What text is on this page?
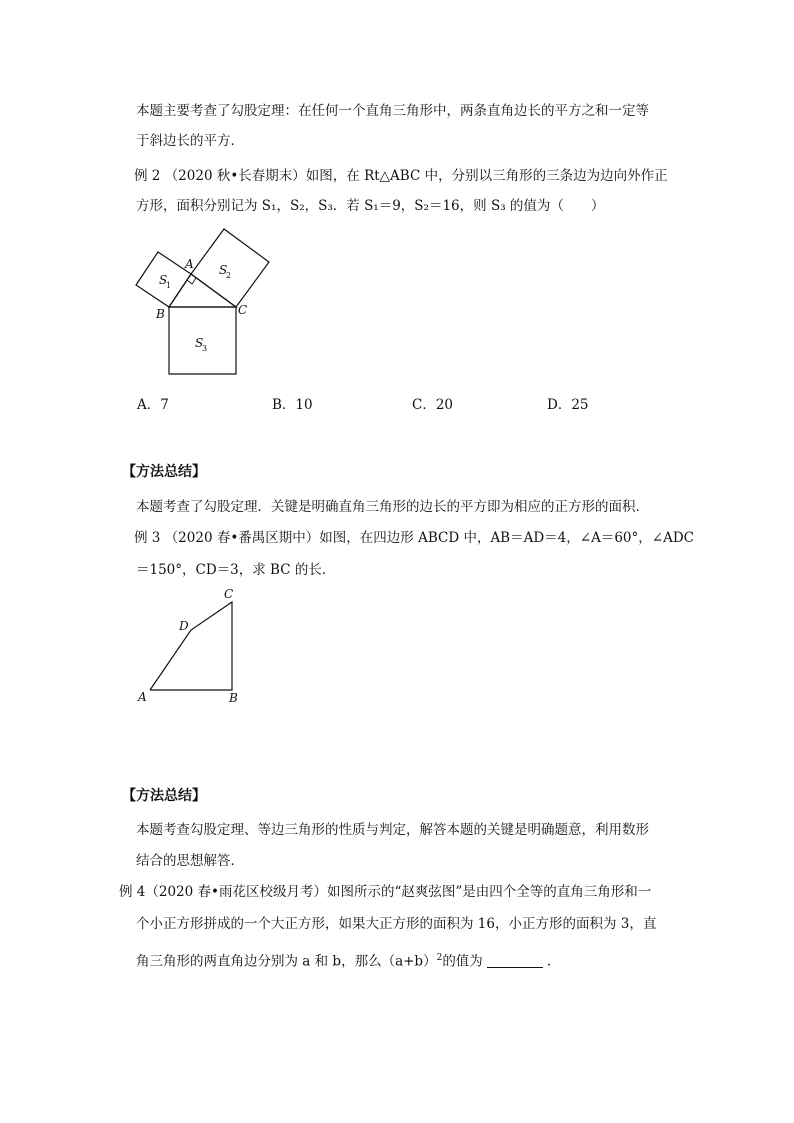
本题主要考查了勾股定理：在任何一个直角三角形中，两条直角边长的平方之和一定等
于斜边长的平方．
例 2 （2020 秋•长春期末）如图，在 Rt△ABC 中，分别以三角形的三条边为边向外作正
方形，面积分别记为 S₁，S₂，S₃．若 S₁＝9，S₂＝16，则 S₃ 的值为（　　）
A
B	C
S
1
S
2
S
3
A	B
C
D
A．7	B．10	C．20	D．25
【方法总结】
本题考查了勾股定理．关键是明确直角三角形的边长的平方即为相应的正方形的面积．
例 3 （2020 春•番禺区期中）如图，在四边形 ABCD 中，AB＝AD＝4，∠A＝60°，∠ADC
＝150°，CD＝3，求 BC 的长．
【方法总结】
本题考查勾股定理、等边三角形的性质与判定，解答本题的关键是明确题意，利用数形
结合的思想解答．
例 4（2020 春•雨花区校级月考）如图所示的“赵爽弦图”是由四个全等的直角三角形和一
个小正方形拼成的一个大正方形，如果大正方形的面积为 16，小正方形的面积为 3，直
角三角形的两直角边分别为 a 和 b，那么$(a+b)^2$的值为	．
